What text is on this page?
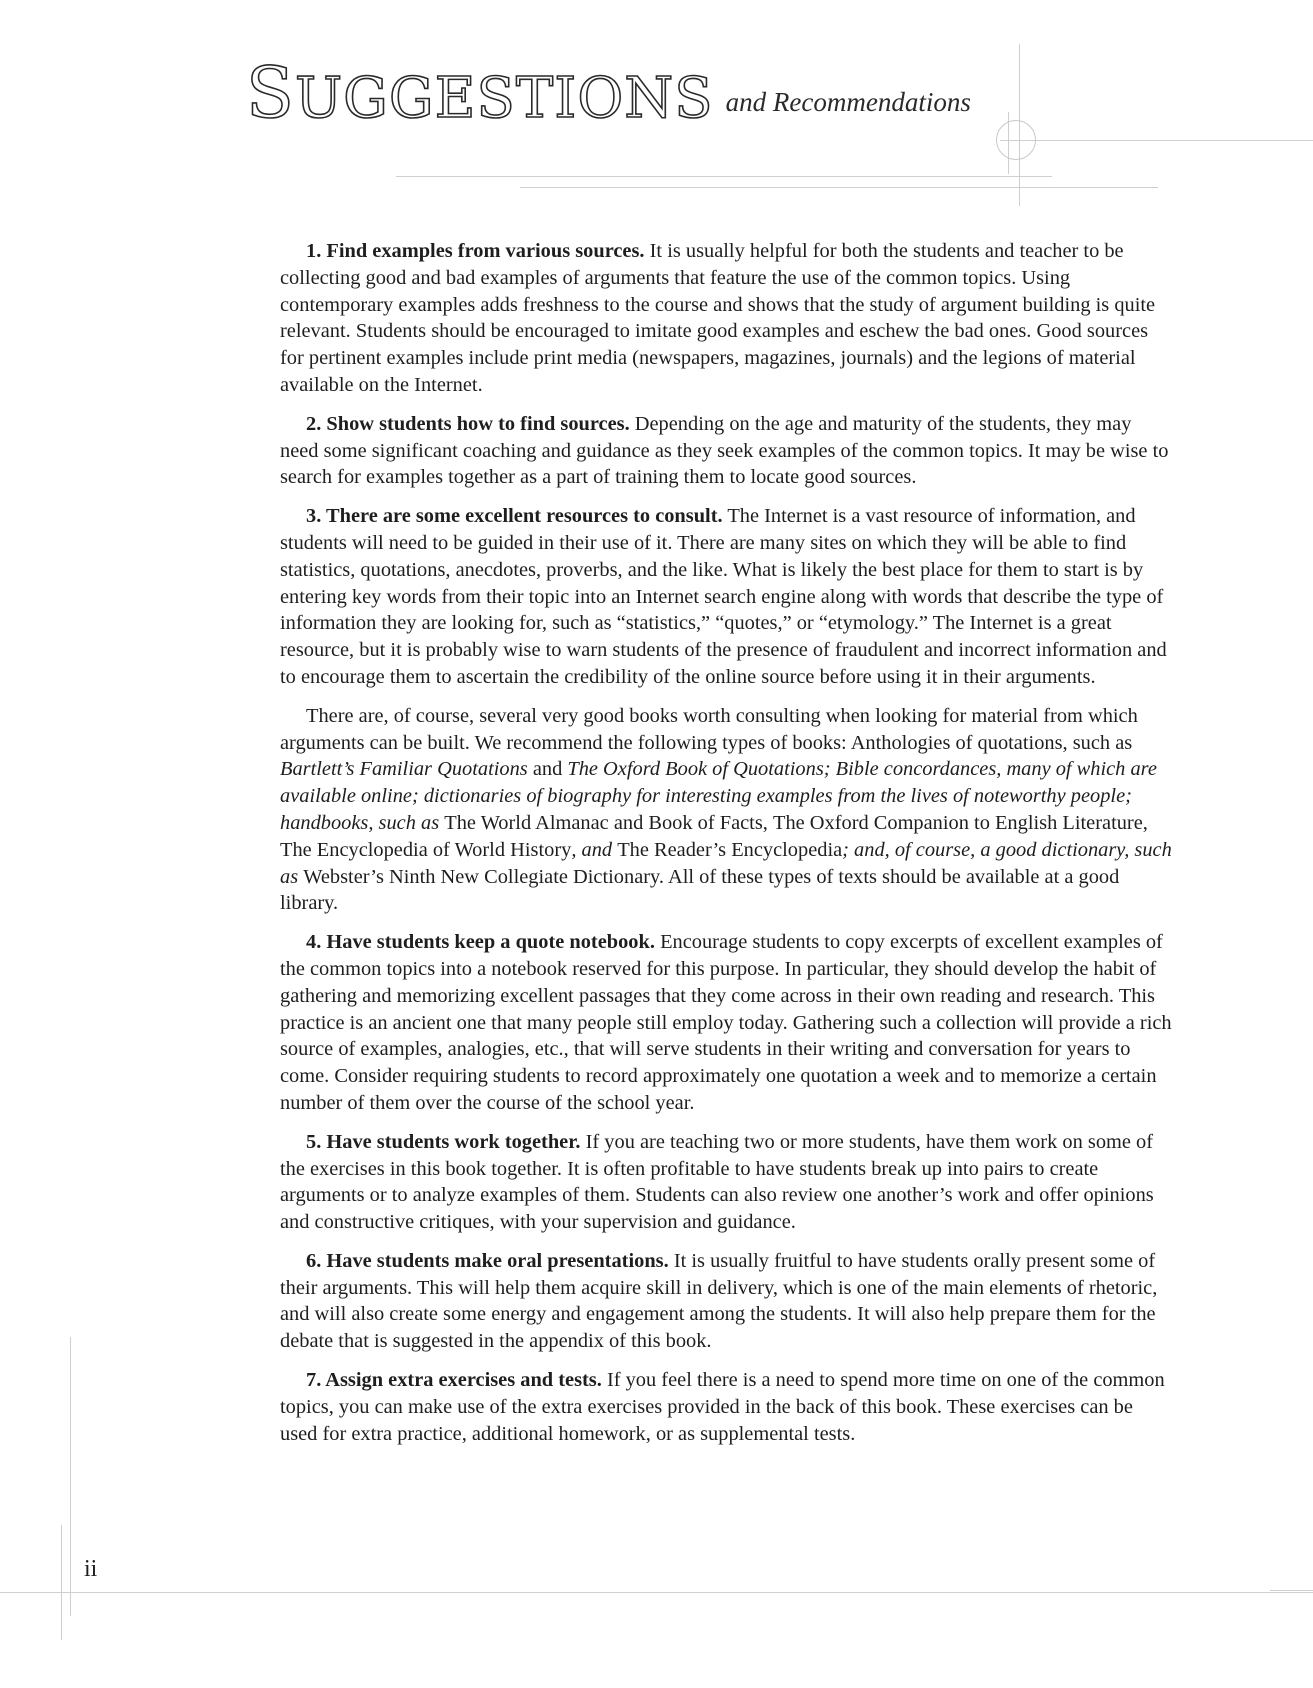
SUGGESTIONS and Recommendations

1. Find examples from various sources. It is usually helpful for both the students and teacher to be collecting good and bad examples of arguments that feature the use of the common topics. Using contemporary examples adds freshness to the course and shows that the study of argument building is quite relevant. Students should be encouraged to imitate good examples and eschew the bad ones. Good sources for pertinent examples include print media (newspapers, magazines, journals) and the legions of material available on the Internet.

2. Show students how to find sources. Depending on the age and maturity of the students, they may need some significant coaching and guidance as they seek examples of the common topics. It may be wise to search for examples together as a part of training them to locate good sources.

3. There are some excellent resources to consult. The Internet is a vast resource of information, and students will need to be guided in their use of it. There are many sites on which they will be able to find statistics, quotations, anecdotes, proverbs, and the like. What is likely the best place for them to start is by entering key words from their topic into an Internet search engine along with words that describe the type of information they are looking for, such as “statistics,” “quotes,” or “etymology.” The Internet is a great resource, but it is probably wise to warn students of the presence of fraudulent and incorrect information and to encourage them to ascertain the credibility of the online source before using it in their arguments.

There are, of course, several very good books worth consulting when looking for material from which arguments can be built. We recommend the following types of books: Anthologies of quotations, such as Bartlett’s Familiar Quotations and The Oxford Book of Quotations; Bible concordances, many of which are available online; dictionaries of biography for interesting examples from the lives of noteworthy people; handbooks, such as The World Almanac and Book of Facts, The Oxford Companion to English Literature, The Encyclopedia of World History, and The Reader’s Encyclopedia; and, of course, a good dictionary, such as Webster’s Ninth New Collegiate Dictionary. All of these types of texts should be available at a good library.

4. Have students keep a quote notebook. Encourage students to copy excerpts of excellent examples of the common topics into a notebook reserved for this purpose. In particular, they should develop the habit of gathering and memorizing excellent passages that they come across in their own reading and research. This practice is an ancient one that many people still employ today. Gathering such a collection will provide a rich source of examples, analogies, etc., that will serve students in their writing and conversation for years to come. Consider requiring students to record approximately one quotation a week and to memorize a certain number of them over the course of the school year.

5. Have students work together. If you are teaching two or more students, have them work on some of the exercises in this book together. It is often profitable to have students break up into pairs to create arguments or to analyze examples of them. Students can also review one another’s work and offer opinions and constructive critiques, with your supervision and guidance.

6. Have students make oral presentations. It is usually fruitful to have students orally present some of their arguments. This will help them acquire skill in delivery, which is one of the main elements of rhetoric, and will also create some energy and engagement among the students. It will also help prepare them for the debate that is suggested in the appendix of this book.

7. Assign extra exercises and tests. If you feel there is a need to spend more time on one of the common topics, you can make use of the extra exercises provided in the back of this book. These exercises can be used for extra practice, additional homework, or as supplemental tests.

ii
